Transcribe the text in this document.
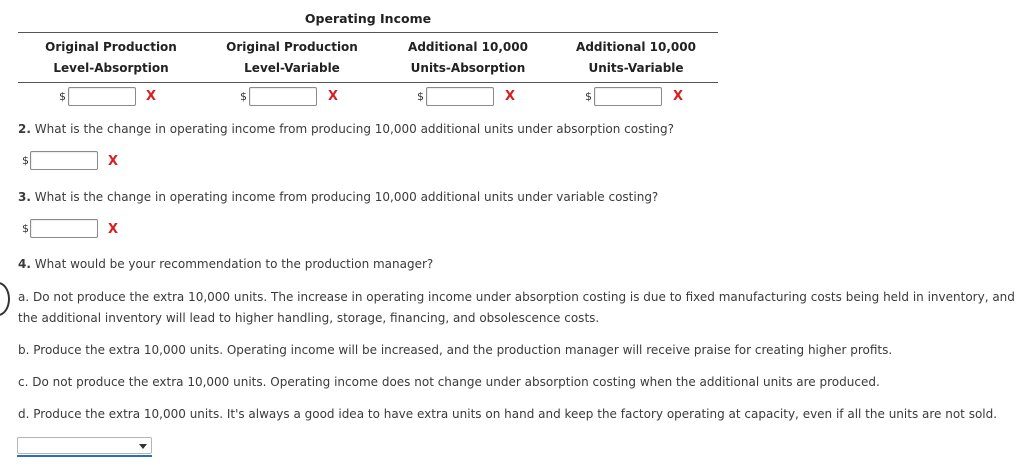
Operating Income
Original Production
Level-Absorption
Original Production
Level-Variable
Additional 10,000
Units-Absorption
Additional 10,000
Units-Variable
$	X	$	X	$	X	$	X
2. What is the change in operating income from producing 10,000 additional units under absorption costing?
$	X
3. What is the change in operating income from producing 10,000 additional units under variable costing?
$	X
4. What would be your recommendation to the production manager?
a. Do not produce the extra 10,000 units. The increase in operating income under absorption costing is due to fixed manufacturing costs being held in inventory, and
the additional inventory will lead to higher handling, storage, financing, and obsolescence costs.
b. Produce the extra 10,000 units. Operating income will be increased, and the production manager will receive praise for creating higher profits.
c. Do not produce the extra 10,000 units. Operating income does not change under absorption costing when the additional units are produced.
d. Produce the extra 10,000 units. It's always a good idea to have extra units on hand and keep the factory operating at capacity, even if all the units are not sold.
